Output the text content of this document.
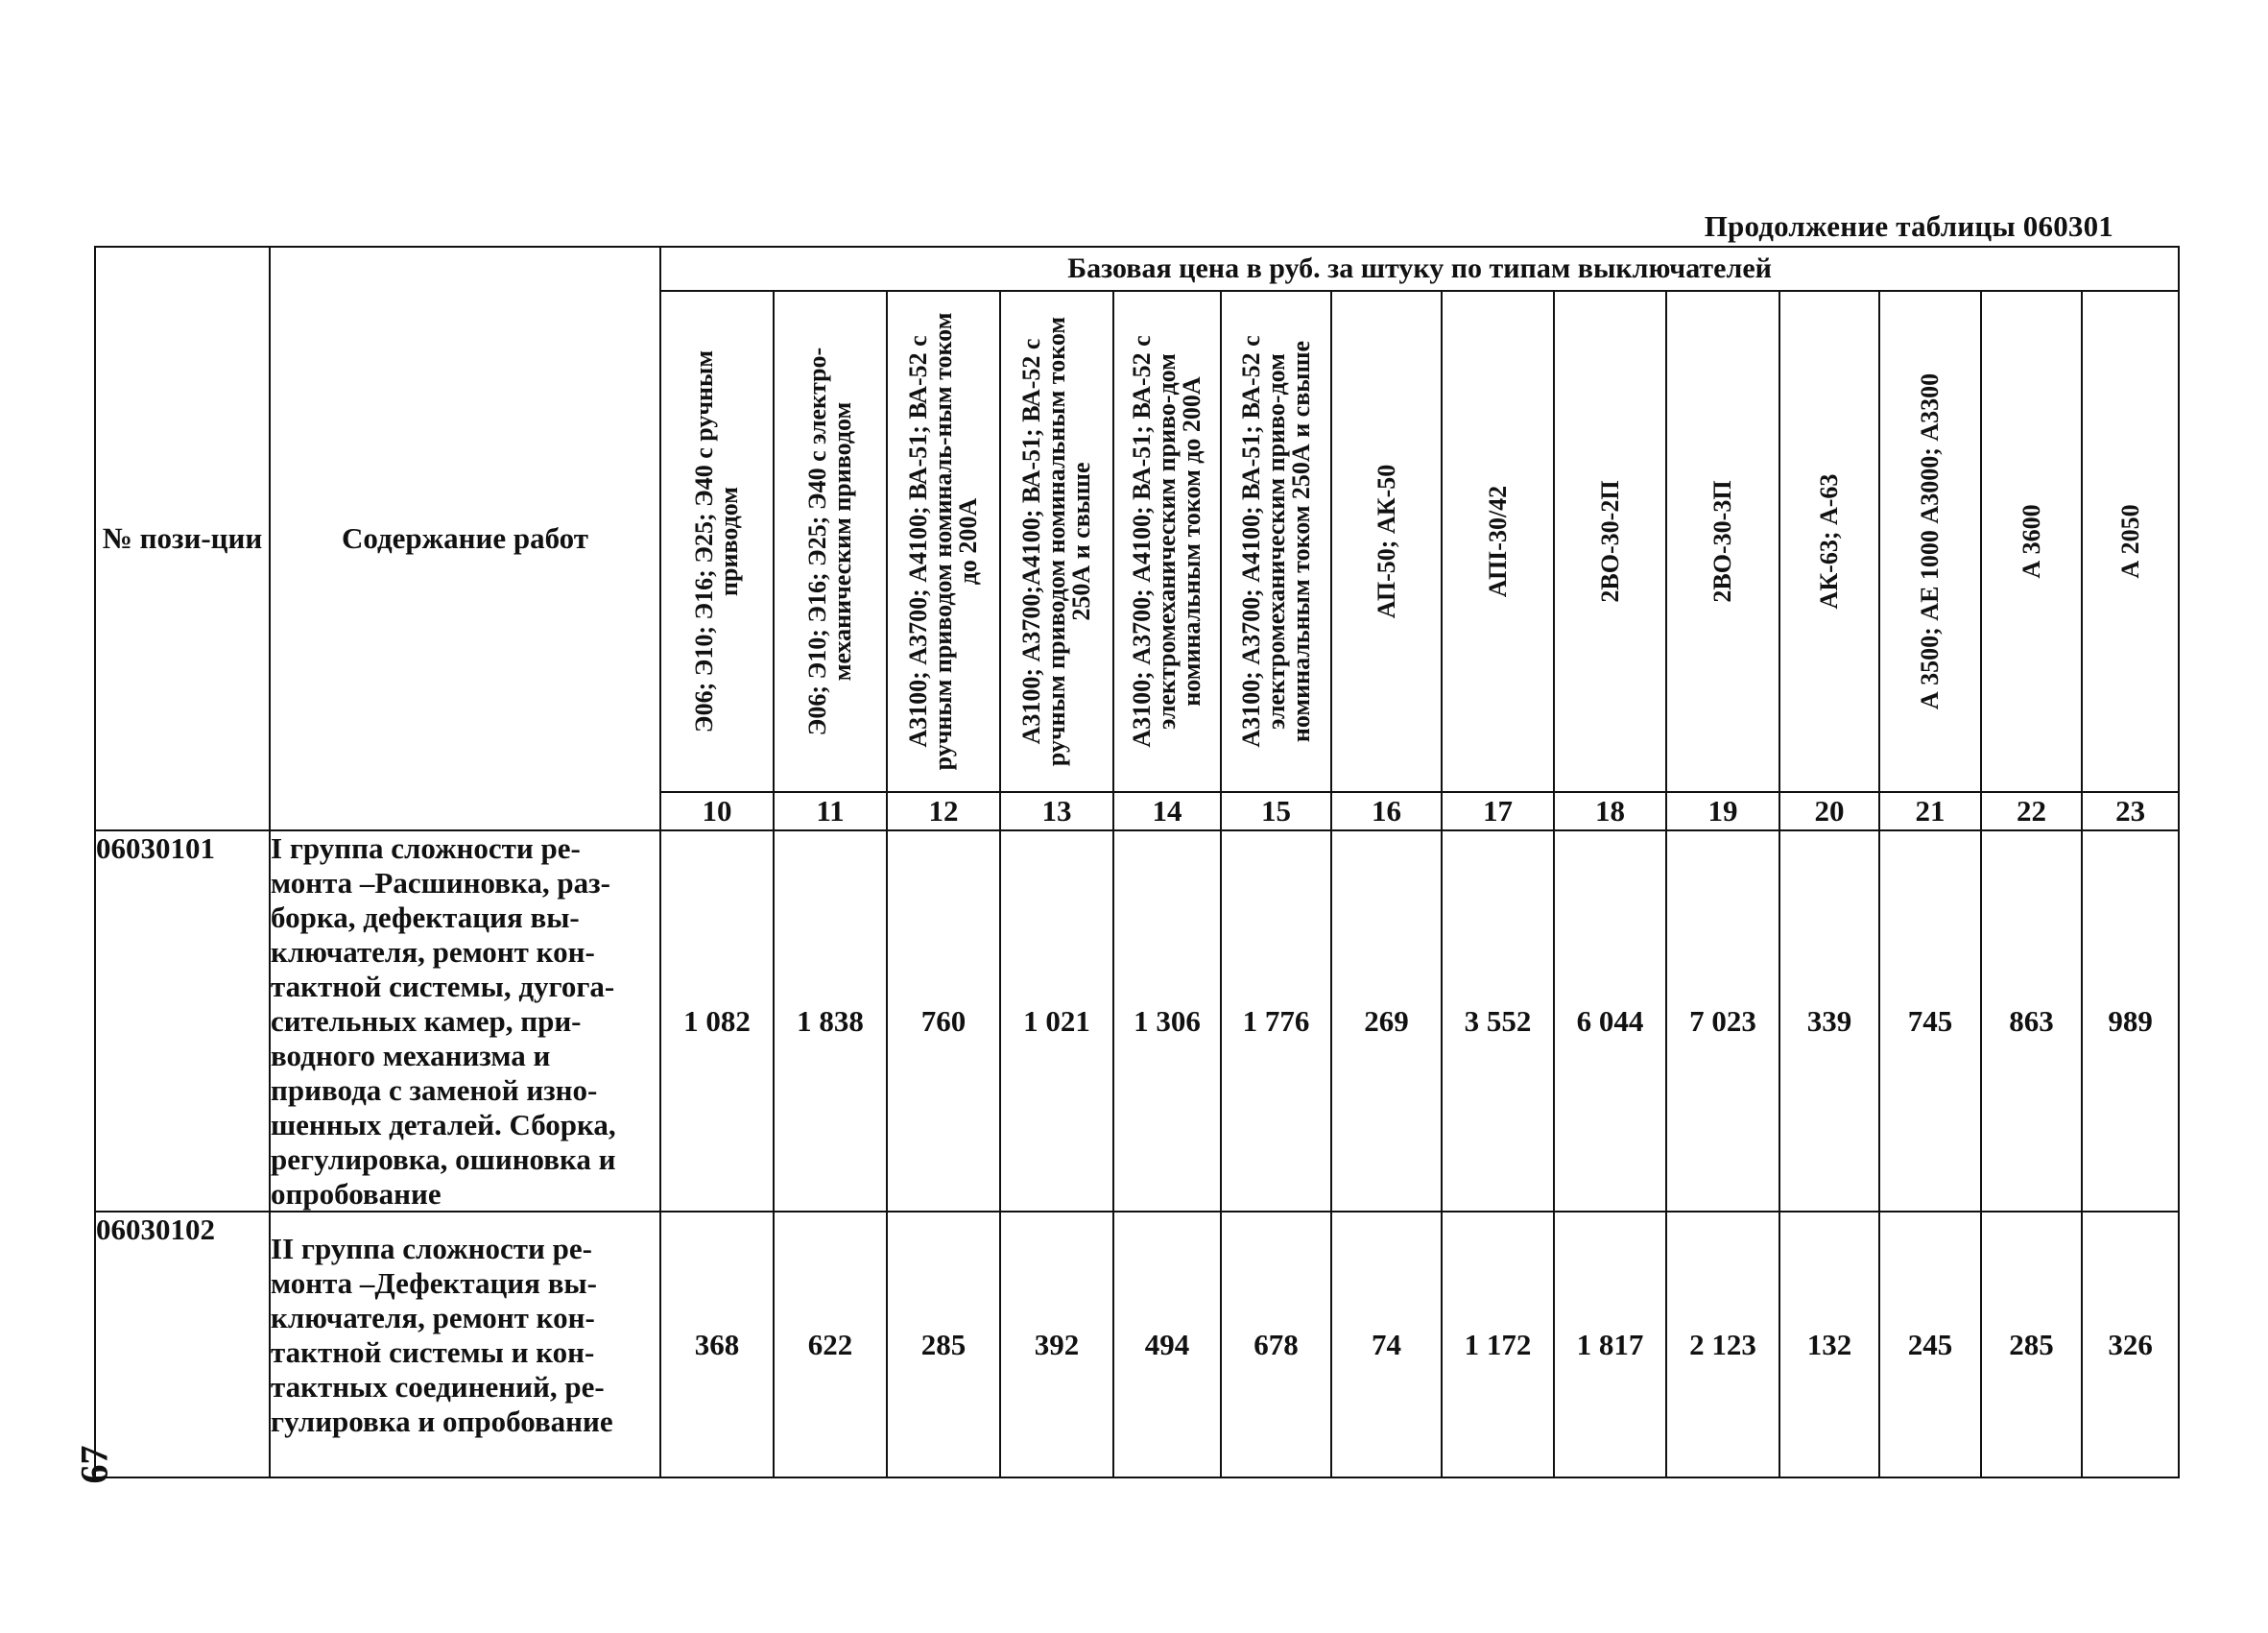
Продолжение таблицы 060301
№ пози-ции	Содержание работ	Базовая цена в руб. за штуку по типам выключателей													

		Э06; Э10; Э16; Э25; Э40 с ручным приводом	Э06; Э10; Э16; Э25; Э40 с электро-механическим приводом	А3100; А3700; А4100; ВА-51; ВА-52 с ручным приводом номиналь-ным током до 200А	А3100; А3700;А4100; ВА-51; ВА-52 с ручным приводом номинальным током 250А и свыше	А3100; А3700; А4100; ВА-51; ВА-52 с электромеханическим приво-дом номинальным током до 200А	А3100; А3700; А4100; ВА-51; ВА-52 с электромеханическим приво-дом номинальным током 250А и свыше	АП-50; АК-50	АПI-30/42	2ВО-30-2П	2ВО-30-3П	АК-63; А-63	А 3500; АЕ 1000 А3000; А3300	А 3600	А 2050

		10	11	12	13	14	15	16	17	18	19	20	21	22	23
06030101	I группа сложности ре-монта –Расшиновка, раз-борка, дефектация вы-ключателя, ремонт кон-тактной системы, дугога-сительных камер, при-водного механизма и привода с заменой изно-шенных деталей. Сборка, регулировка, ошиновка и опробование	1 082	1 838	760	1 021	1 306	1 776	269	3 552	6 044	7 023	339	745	863	989
06030102	II группа сложности ре-монта –Дефектация вы-ключателя, ремонт кон-тактной системы и кон-тактных соединений, ре-гулировка и опробование	368	622	285	392	494	678	74	1 172	1 817	2 123	132	245	285	326
67
